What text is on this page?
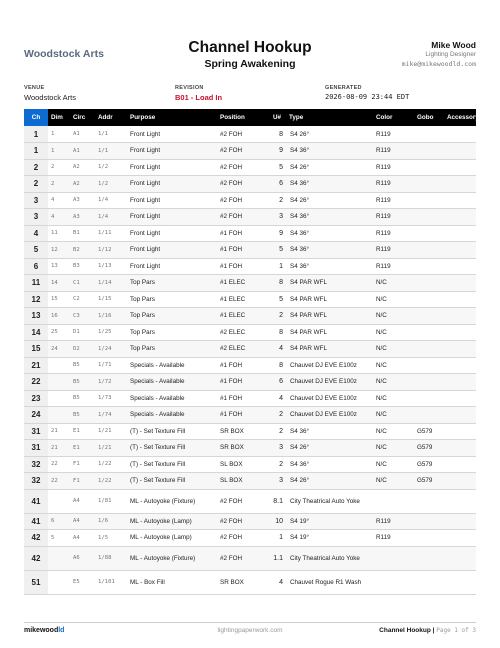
Woodstock Arts	Channel Hookup
Spring Awakening
Mike Wood
Lighting Designer
mike@mikewoodld.com
VENUE
Woodstock Arts
REVISION
B01 - Load In
GENERATED
2026-08-09 23:44 EDT
Ch	Dim	Circ	Addr	Purpose	Position	U#	Type	Color	Gobo	Accessory
1	1	A1	1/1	Front Light	#2 FOH	8	S4 26°	R119		
1	1	A1	1/1	Front Light	#2 FOH	9	S4 36°	R119		
2	2	A2	1/2	Front Light	#2 FOH	5	S4 26°	R119		
2	2	A2	1/2	Front Light	#2 FOH	6	S4 36°	R119		
3	4	A3	1/4	Front Light	#2 FOH	2	S4 26°	R119		
3	4	A3	1/4	Front Light	#2 FOH	3	S4 36°	R119		
4	11	B1	1/11	Front Light	#1 FOH	9	S4 36°	R119		
5	12	B2	1/12	Front Light	#1 FOH	5	S4 36°	R119		
6	13	B3	1/13	Front Light	#1 FOH	1	S4 36°	R119		
11	14	C1	1/14	Top Pars	#1 ELEC	8	S4 PAR WFL	N/C		
12	15	C2	1/15	Top Pars	#1 ELEC	5	S4 PAR WFL	N/C		
13	16	C3	1/16	Top Pars	#1 ELEC	2	S4 PAR WFL	N/C		
14	25	D1	1/25	Top Pars	#2 ELEC	8	S4 PAR WFL	N/C		
15	24	D2	1/24	Top Pars	#2 ELEC	4	S4 PAR WFL	N/C		
21		B5	1/71	Specials - Available	#1 FOH	8	Chauvet DJ EVE E100z	N/C		
22		B5	1/72	Specials - Available	#1 FOH	6	Chauvet DJ EVE E100z	N/C		
23		B5	1/73	Specials - Available	#1 FOH	4	Chauvet DJ EVE E100z	N/C		
24		B5	1/74	Specials - Available	#1 FOH	2	Chauvet DJ EVE E100z	N/C		
31	21	E1	1/21	(T) - Set Texture Fill	SR BOX	2	S4 36°	N/C	G579	
31	21	E1	1/21	(T) - Set Texture Fill	SR BOX	3	S4 26°	N/C	G579	
32	22	F1	1/22	(T) - Set Texture Fill	SL BOX	2	S4 36°	N/C	G579	
32	22	F1	1/22	(T) - Set Texture Fill	SL BOX	3	S4 26°	N/C	G579	
41		A4	1/81	ML - Autoyoke (Fixture)	#2 FOH	8.1	City Theatrical Auto Yoke			
41	6	A4	1/6	ML - Autoyoke (Lamp)	#2 FOH	10	S4 19°	R119		
42	5	A4	1/5	ML - Autoyoke (Lamp)	#2 FOH	1	S4 19°	R119		
42		A6	1/88	ML - Autoyoke (Fixture)	#2 FOH	1.1	City Theatrical Auto Yoke			
51		E5	1/101	ML - Box Fill	SR BOX	4	Chauvet Rogue R1 Wash			
mikewoodld	lightingpaperwork.com	Channel Hookup | Page 1 of 3
